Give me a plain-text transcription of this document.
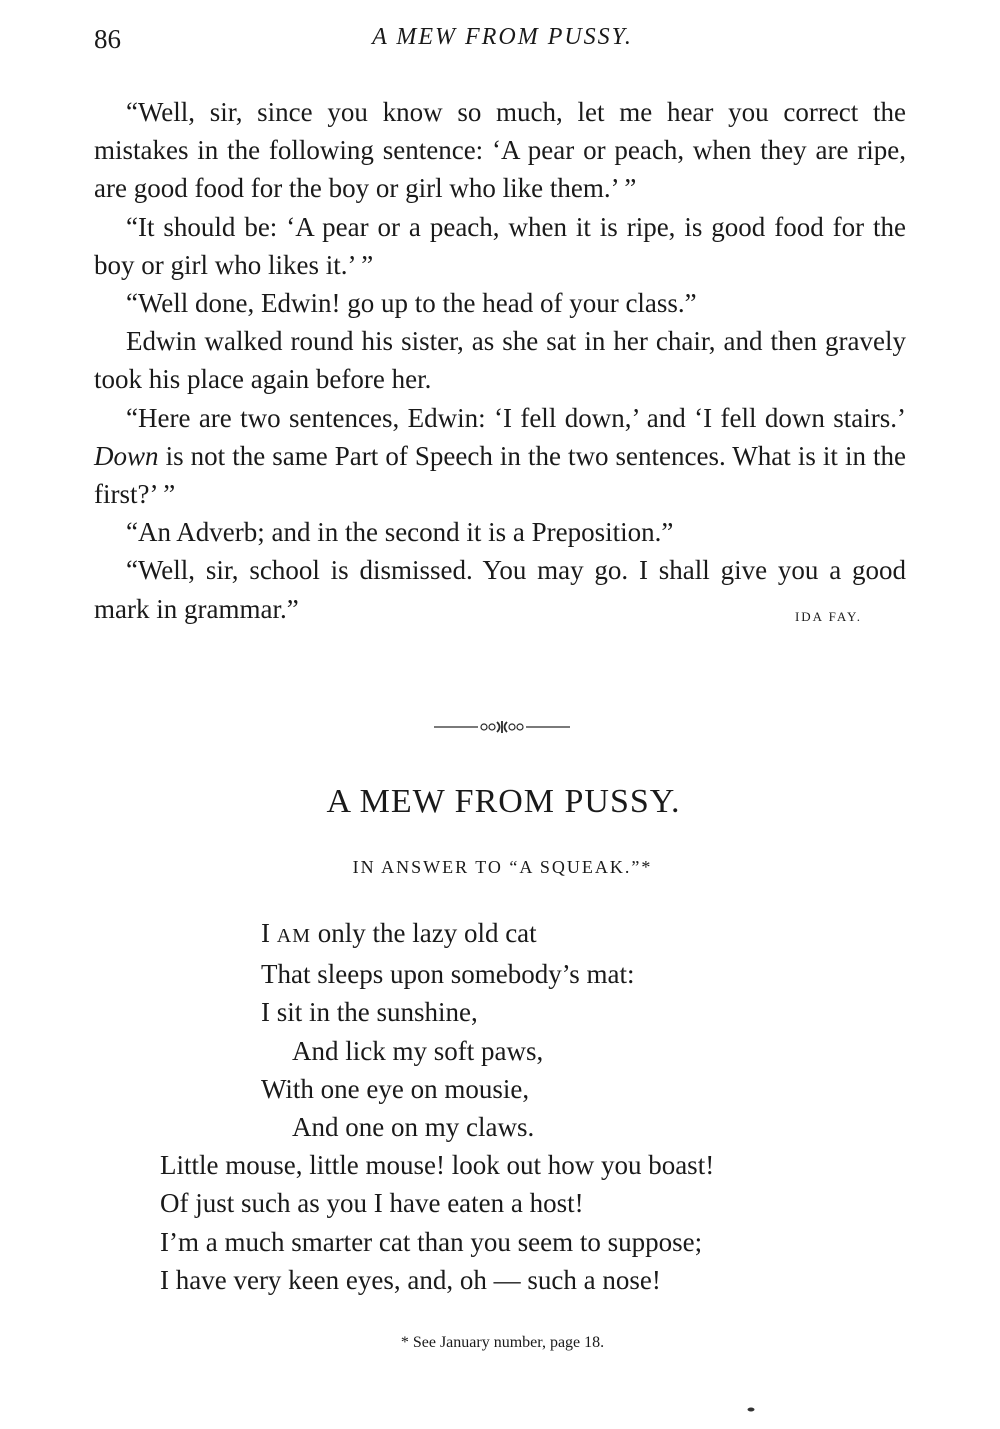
86	A MEW FROM PUSSY.

“Well, sir, since you know so much, let me hear you correct the mistakes in the following sentence: ‘A pear or peach, when they are ripe, are good food for the boy or girl who like them.’ ”

“It should be: ‘A pear or a peach, when it is ripe, is good food for the boy or girl who likes it.’ ”

“Well done, Edwin! go up to the head of your class.”

Edwin walked round his sister, as she sat in her chair, and then gravely took his place again before her.

“Here are two sentences, Edwin: ‘I fell down,’ and ‘I fell down stairs.’ Down is not the same Part of Speech in the two sentences. What is it in the first?’ ”

“An Adverb; and in the second it is a Preposition.”

“Well, sir, school is dismissed. You may go. I shall give you a good mark in grammar.”	IDA FAY.

A MEW FROM PUSSY.
IN ANSWER TO “A SQUEAK.”*
I AM only the lazy old cat
That sleeps upon somebody’s mat:
I sit in the sunshine,
And lick my soft paws,
With one eye on mousie,
And one on my claws.
Little mouse, little mouse! look out how you boast!
Of just such as you I have eaten a host!
I’m a much smarter cat than you seem to suppose;
I have very keen eyes, and, oh — such a nose!
* See January number, page 18.
